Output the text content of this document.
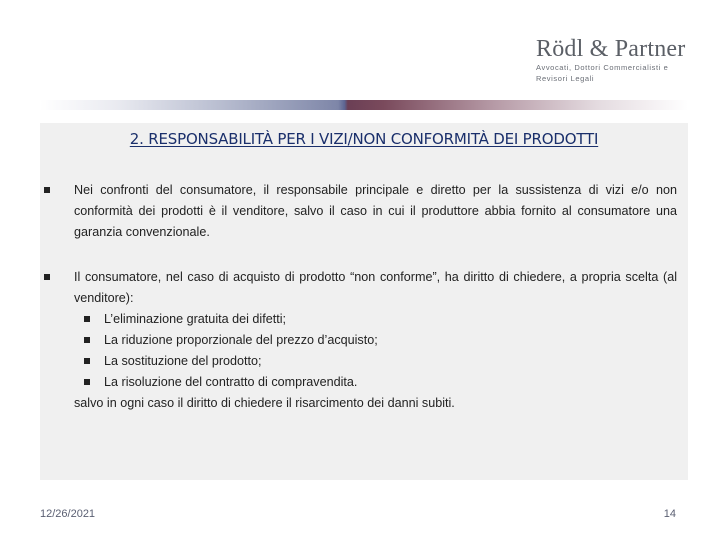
Rödl & Partner
Avvocati, Dottori Commercialisti e
Revisori Legali
2. RESPONSABILITÀ PER I VIZI/NON CONFORMITÀ DEI PRODOTTI
Nei confronti del consumatore, il responsabile principale e diretto per la sussistenza di vizi e/o non conformità dei prodotti è il venditore, salvo il caso in cui il produttore abbia fornito al consumatore una garanzia convenzionale.
Il consumatore, nel caso di acquisto di prodotto “non conforme”, ha diritto di chiedere, a propria scelta (al venditore):
L’eliminazione gratuita dei difetti;
La riduzione proporzionale del prezzo d’acquisto;
La sostituzione del prodotto;
La risoluzione del contratto di compravendita.
salvo in ogni caso il diritto di chiedere il risarcimento dei danni subiti.
12/26/2021	14
